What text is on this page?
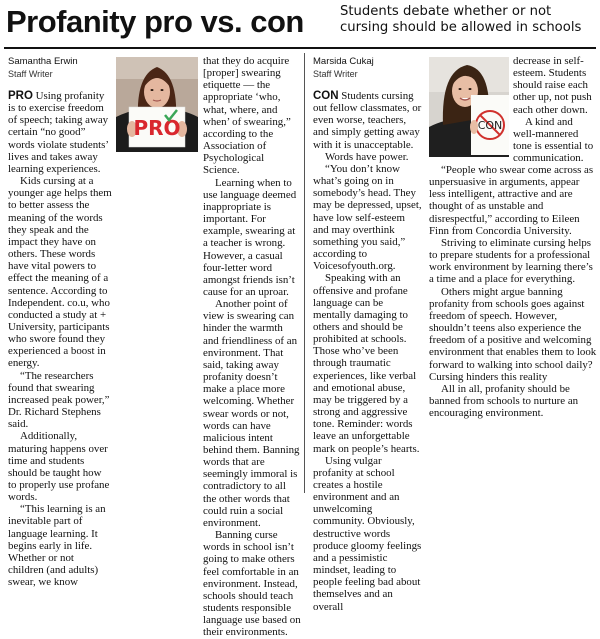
Profanity pro vs. con	Students debate whether or not cursing should be allowed in schools
Samantha Erwin
Staff Writer
PRO

PRO Using profanity is to exercise freedom of speech; taking away certain “no good” words violate students’ lives and takes away learning experiences.

Kids cursing at a younger age helps them to better assess the meaning of the words they speak and the impact they have on others. These words have vital powers to effect the meaning of a sentence. According to Independent. co.u, who conducted a study at + University, participants who swore found they experienced a boost in energy.

“The researchers found that swearing increased peak power,” Dr. Richard Stephens said.

Additionally, maturing happens over time and students should be taught how to properly use profane words.

“This learning is an inevitable part of language learning. It begins early in life. Whether or not children (and adults) swear, we know

that they do acquire [proper] swearing etiquette — the appropriate ‘who, what, where, and when’ of swearing,” according to the Association of Psychological Science.

Learning when to use language deemed inappropriate is important. For example, swearing at a teacher is wrong. However, a casual four-letter word amongst friends isn’t cause for an uproar.

Another point of view is swearing can hinder the warmth and friendliness of an environment. That said, taking away profanity doesn’t make a place more welcoming. Whether swear words or not, words can have malicious intent behind them. Banning words that are seemingly immoral is contradictory to all the other words that could ruin a social environment.

Banning curse words in school isn’t going to make others feel comfortable in an environment. Instead, schools should teach students responsible language use based on their environments.

Marsida Cukaj
Staff Writer
CON

CON Students cursing out fellow classmates, or even worse, teachers, and simply getting away with it is unacceptable.

Words have power.

“You don’t know what’s going on in somebody’s head. They may be depressed, upset, have low self-esteem and may overthink something you said,” according to Voicesofyouth.org.

Speaking with an offensive and profane language can be mentally damaging to others and should be prohibited at schools. Those who’ve been through traumatic experiences, like verbal and emotional abuse, may be triggered by a strong and aggressive tone. Reminder: words leave an unforgettable mark on people’s hearts.

Using vulgar profanity at school creates a hostile environment and an unwelcoming community. Obviously, destructive words produce gloomy feelings and a pessimistic mindset, leading to people feeling bad about themselves and an overall

decrease in self-esteem. Students should raise each other up, not push each other down.

A kind and well-mannered tone is essential to communication.

“People who swear come across as unpersuasive in arguments, appear less intelligent, attractive and are thought of as unstable and disrespectful,” according to Eileen Finn from Concordia University.

Striving to eliminate cursing helps to prepare students for a professional work environment by learning there’s a time and a place for everything.

Others might argue banning profanity from schools goes against freedom of speech. However, shouldn’t teens also experience the freedom of a positive and welcoming environment that enables them to look forward to walking into school daily? Cursing hinders this reality

All in all, profanity should be banned from schools to nurture an encouraging environment.
